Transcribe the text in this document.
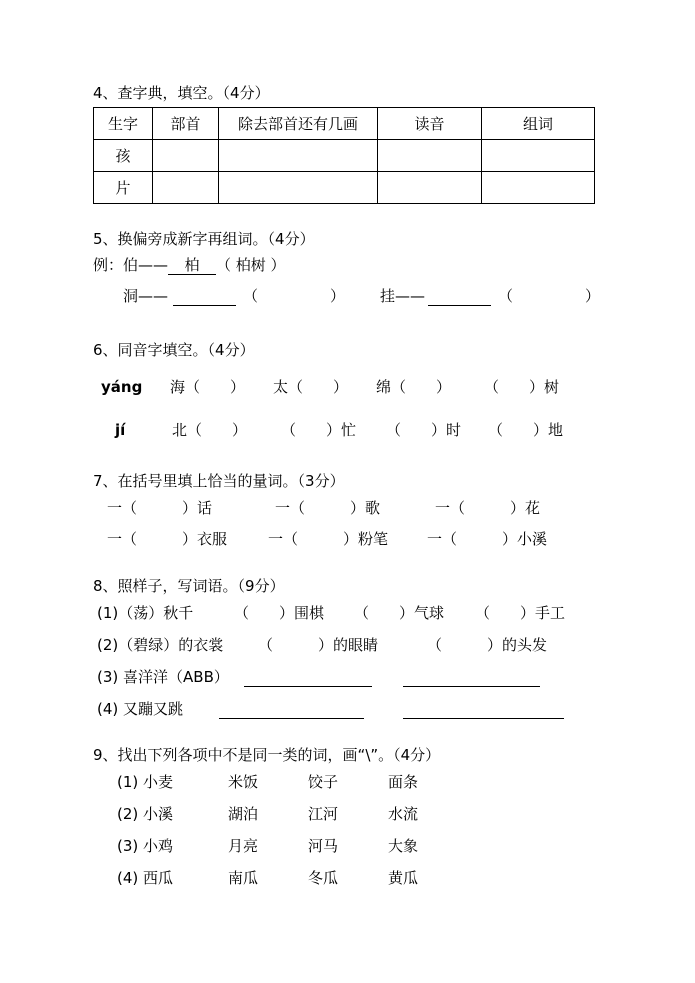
4、查字典，填空。（4分）
生字	部首	除去部首还有几画	读音	组词
孩				
片				
5、换偏旁成新字再组词。（4分）
例：伯—— 柏 （ 柏树 ）
洞——
	（	） 挂——
	（	）
6、同音字填空。（4分）
yáng 海（　　） 太（　　） 绵（　　） （　　）树
jí	北（　　） （　　）忙 （　　）时 （　　）地
7、在括号里填上恰当的量词。（3分）
一（　　　）话	一（　　　）歌	一（　　　）花
一（　　　）衣服	一（　　　）粉笔	一（　　　）小溪
8、照样子，写词语。（9分）
(1)（荡）秋千	（　　）围棋 （　　）气球 （　　）手工
(2)（碧绿）的衣裳 （　　　）的眼睛	（　　　）的头发
(3) 喜洋洋（ABB）

(4) 又蹦又跳

9、找出下列各项中不是同一类的词，画“\”。（4分）
(1) 小麦	米饭	饺子	面条
(2) 小溪	湖泊	江河	水流
(3) 小鸡	月亮	河马	大象
(4) 西瓜	南瓜	冬瓜	黄瓜
